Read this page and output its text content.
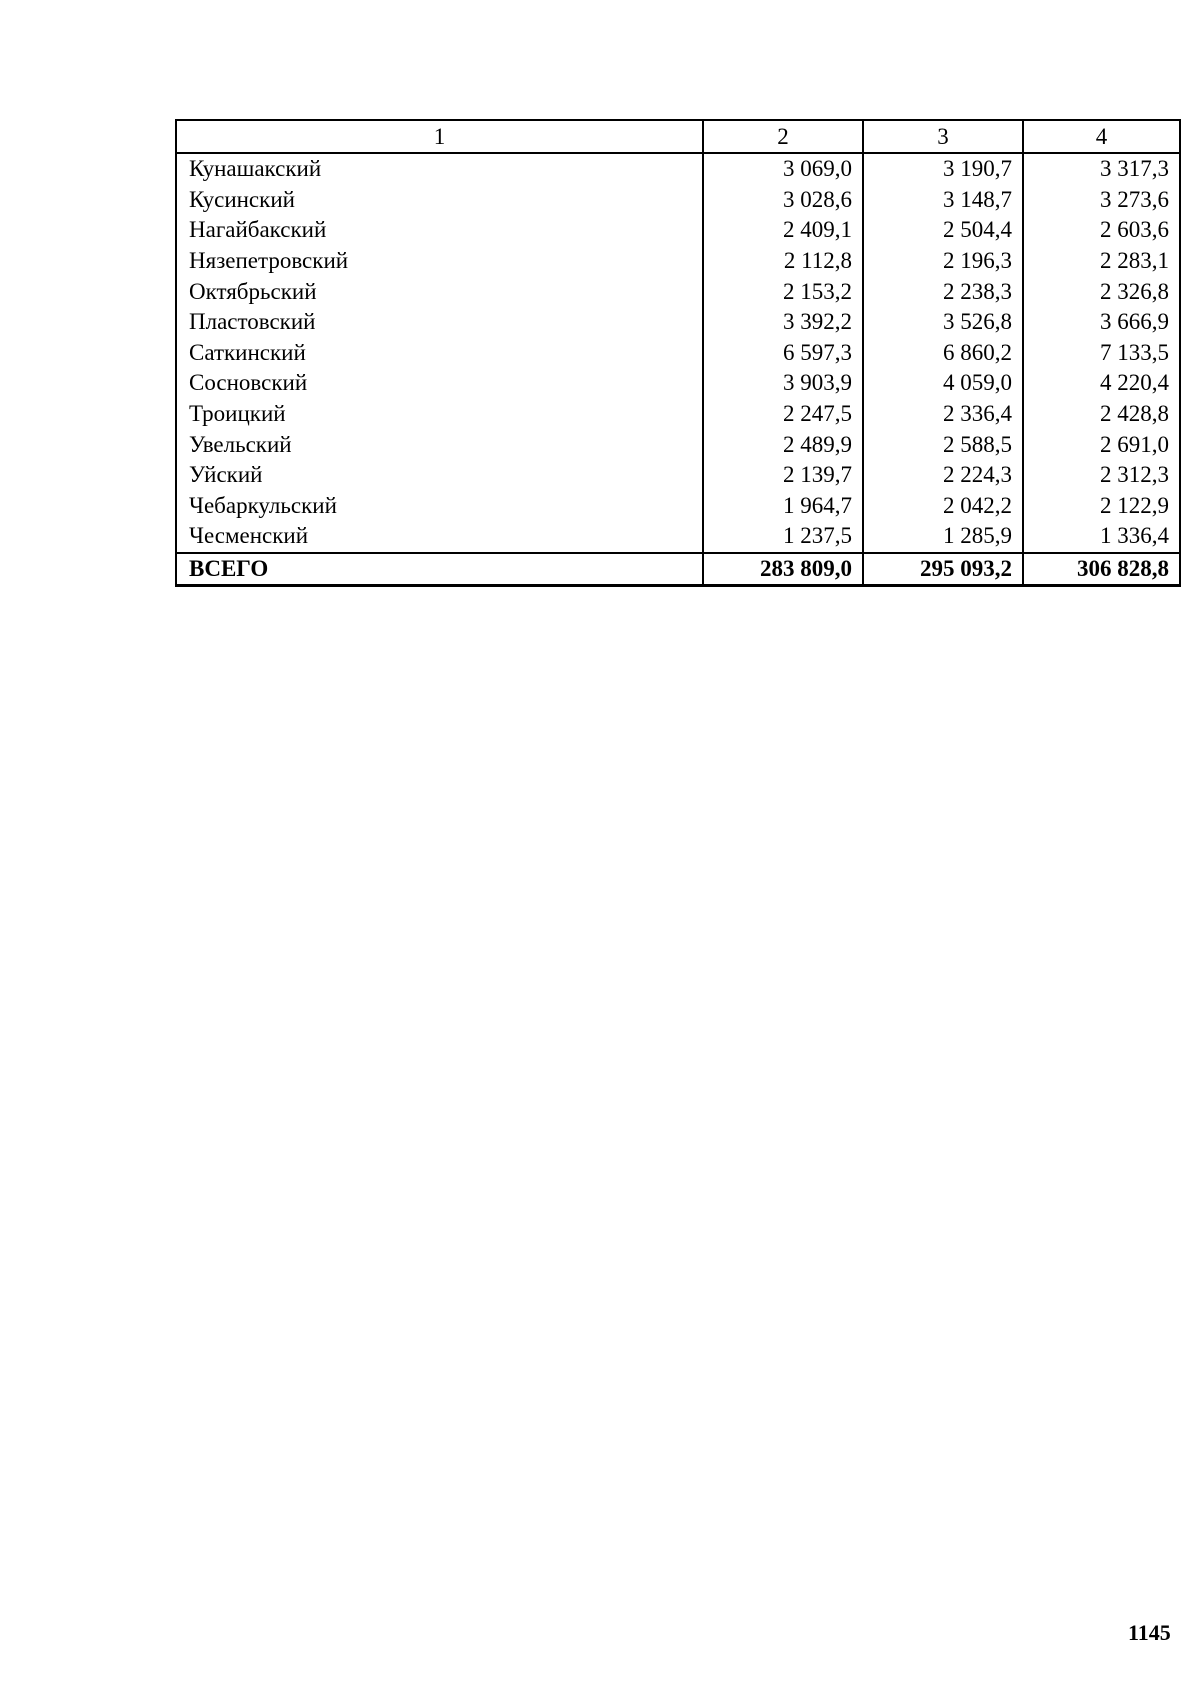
1	2	3	4
Кунашакский	3 069,0	3 190,7	3 317,3
Кусинский	3 028,6	3 148,7	3 273,6
Нагайбакский	2 409,1	2 504,4	2 603,6
Нязепетровский	2 112,8	2 196,3	2 283,1
Октябрьский	2 153,2	2 238,3	2 326,8
Пластовский	3 392,2	3 526,8	3 666,9
Саткинский	6 597,3	6 860,2	7 133,5
Сосновский	3 903,9	4 059,0	4 220,4
Троицкий	2 247,5	2 336,4	2 428,8
Увельский	2 489,9	2 588,5	2 691,0
Уйский	2 139,7	2 224,3	2 312,3
Чебаркульский	1 964,7	2 042,2	2 122,9
Чесменский	1 237,5	1 285,9	1 336,4
ВСЕГО	283 809,0	295 093,2	306 828,8
1145
